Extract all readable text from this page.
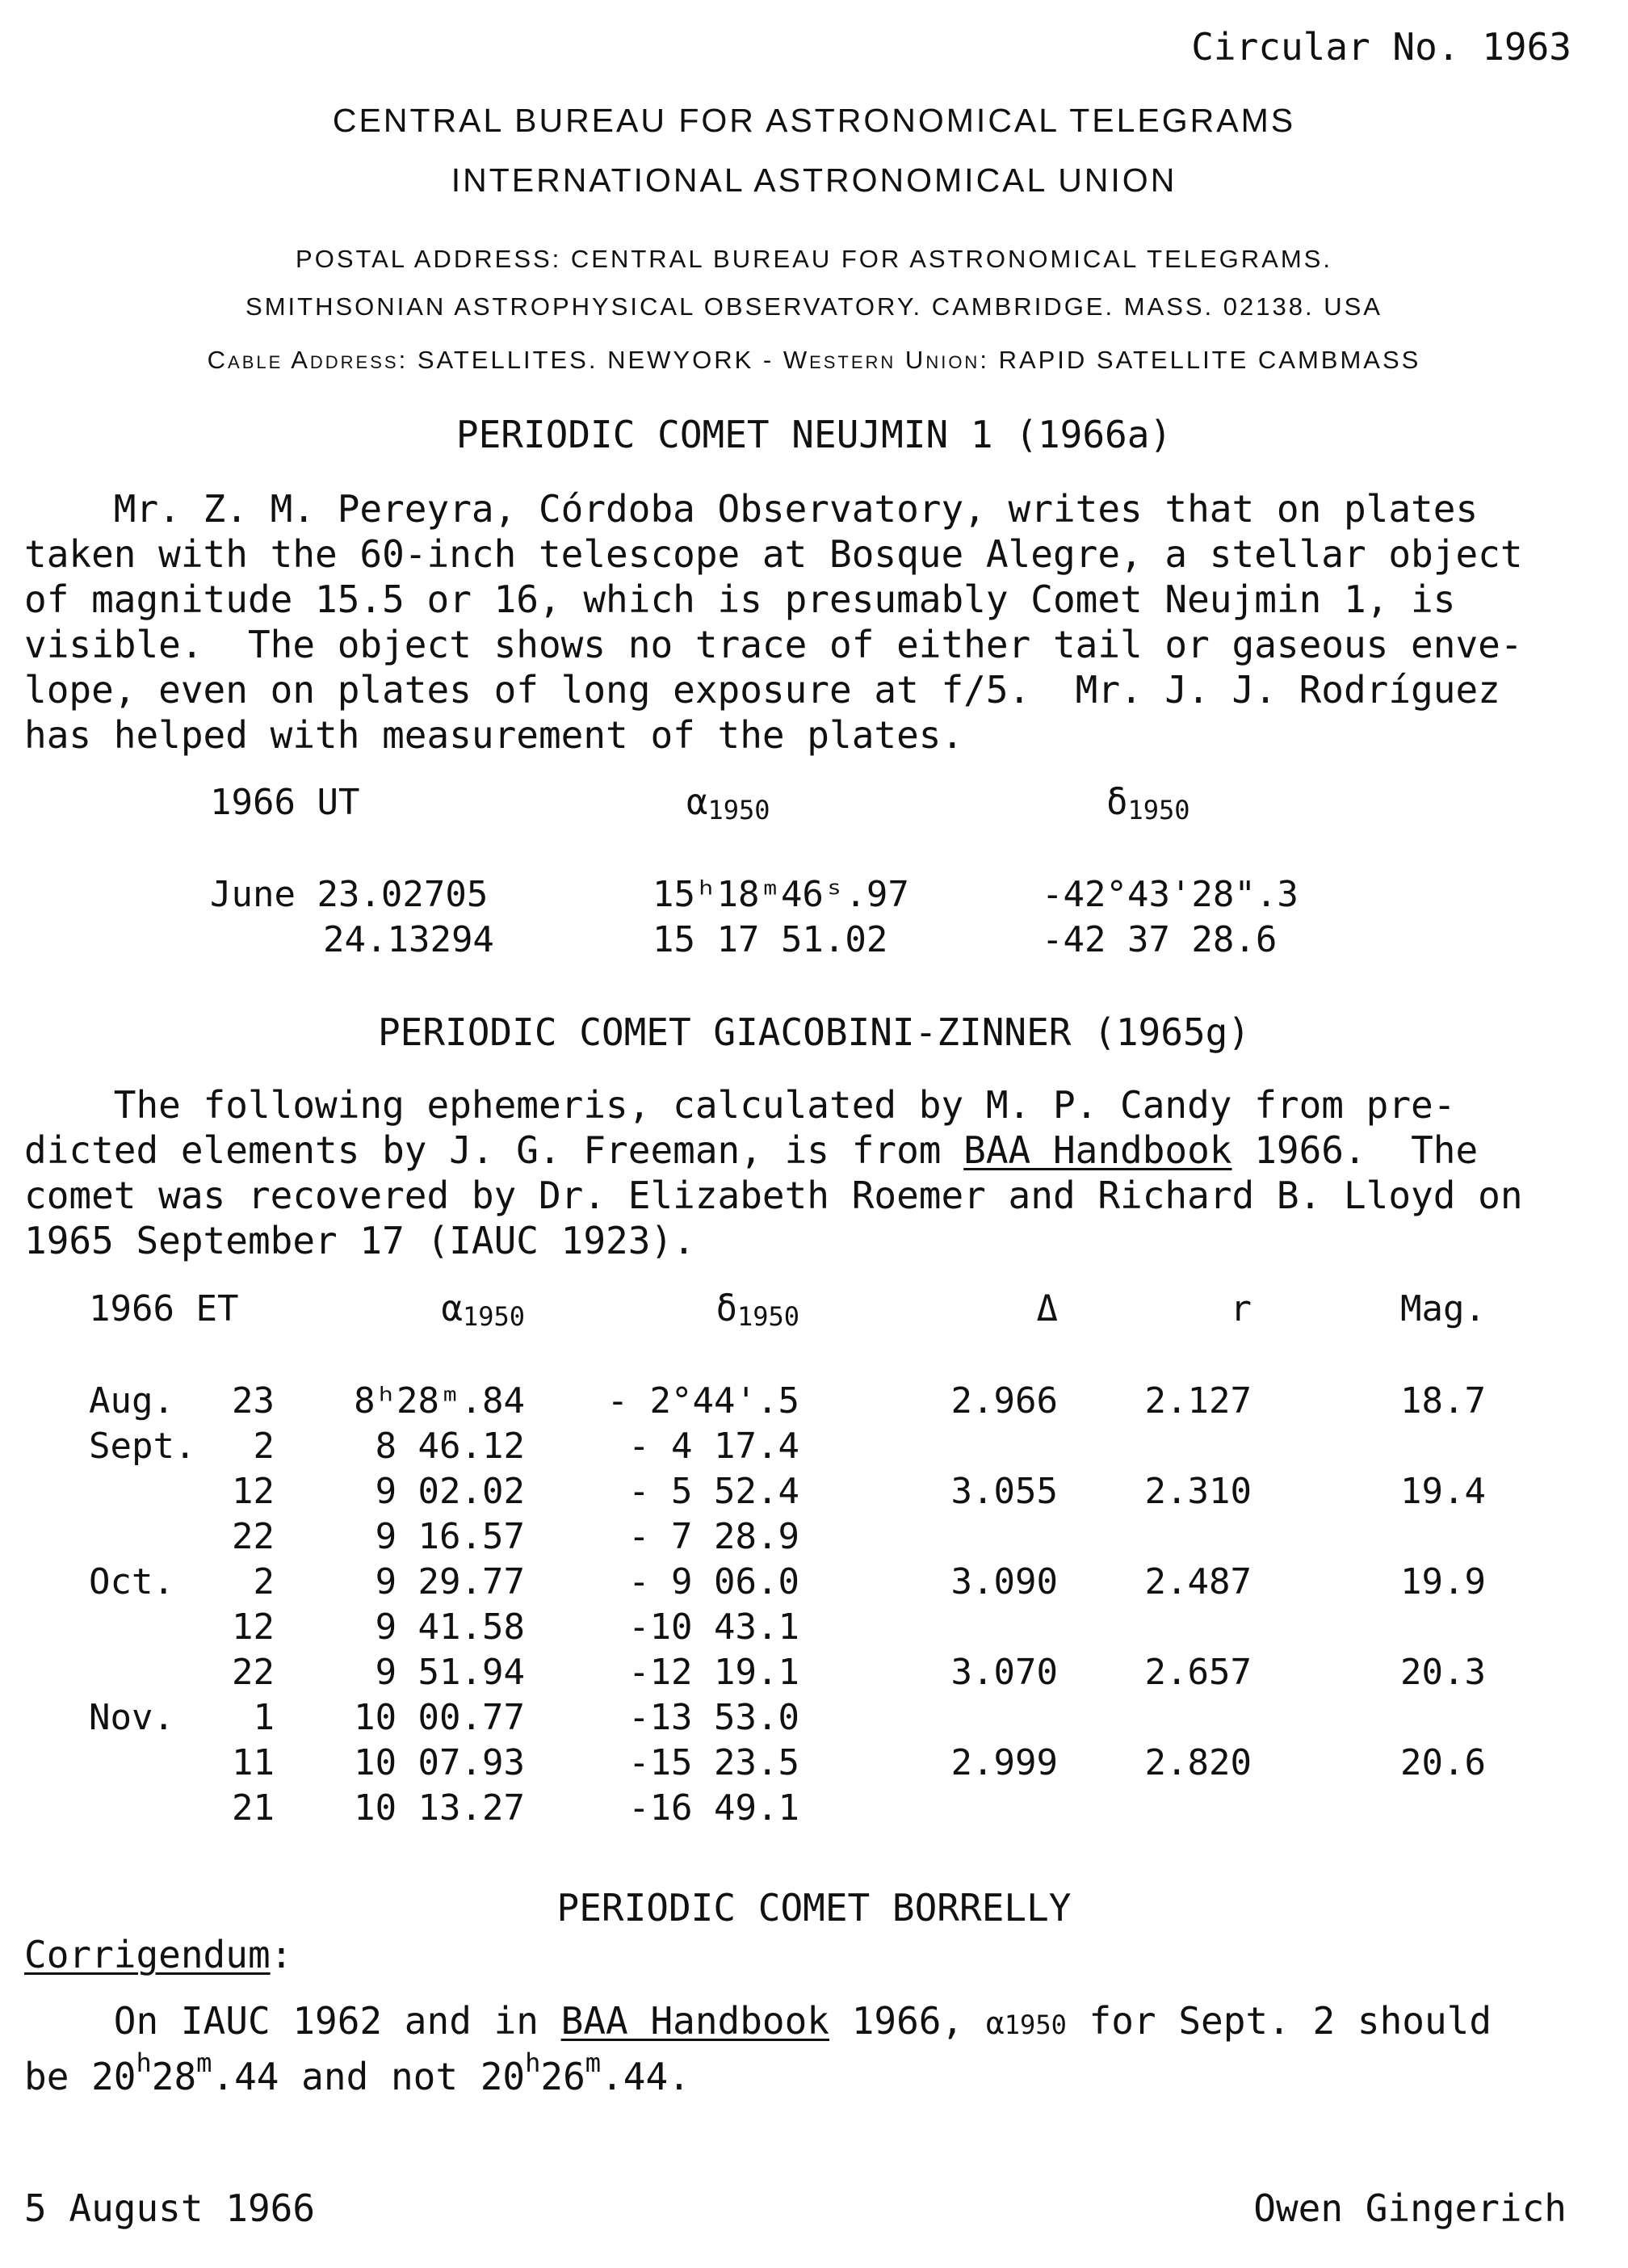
Circular No. 1963
CENTRAL BUREAU FOR ASTRONOMICAL TELEGRAMS
INTERNATIONAL ASTRONOMICAL UNION
POSTAL ADDRESS: CENTRAL BUREAU FOR ASTRONOMICAL TELEGRAMS.
SMITHSONIAN ASTROPHYSICAL OBSERVATORY. CAMBRIDGE. MASS. 02138. USA
Cable Address: SATELLITES. NEWYORK - Western Union: RAPID SATELLITE CAMBMASS
PERIODIC COMET NEUJMIN 1 (1966a)
Mr. Z. M. Pereyra, Córdoba Observatory, writes that on plates
taken with the 60-inch telescope at Bosque Alegre, a stellar object
of magnitude 15.5 or 16, which is presumably Comet Neujmin 1, is
visible.  The object shows no trace of either tail or gaseous enve-
lope, even on plates of long exposure at f/5.  Mr. J. J. Rodríguez
has helped with measurement of the plates.
1966 UT	α1950	δ1950
June 23.02705	15ʰ18ᵐ46ˢ.97	-42°43'28".3
24.13294	15 17 51.02	-42 37 28.6
PERIODIC COMET GIACOBINI-ZINNER (1965g)
The following ephemeris, calculated by M. P. Candy from pre-
dicted elements by J. G. Freeman, is from BAA Handbook 1966.  The
comet was recovered by Dr. Elizabeth Roemer and Richard B. Lloyd on
1965 September 17 (IAUC 1923).
1966 ET		α1950	δ1950	Δ	r	Mag.

Aug.	23	8ʰ28ᵐ.84	- 2°44'.5	2.966	2.127	18.7
Sept.	2	8 46.12	- 4 17.4			
	12	9 02.02	- 5 52.4	3.055	2.310	19.4
	22	9 16.57	- 7 28.9			
Oct.	2	9 29.77	- 9 06.0	3.090	2.487	19.9
	12	9 41.58	-10 43.1			
	22	9 51.94	-12 19.1	3.070	2.657	20.3
Nov.	1	10 00.77	-13 53.0			
	11	10 07.93	-15 23.5	2.999	2.820	20.6
	21	10 13.27	-16 49.1			
PERIODIC COMET BORRELLY
Corrigendum:
On IAUC 1962 and in BAA Handbook 1966, α1950 for Sept. 2 should
be 20$^h$28$^m$.44 and not 20$^h$26$^m$.44.
5 August 1966	Owen Gingerich
